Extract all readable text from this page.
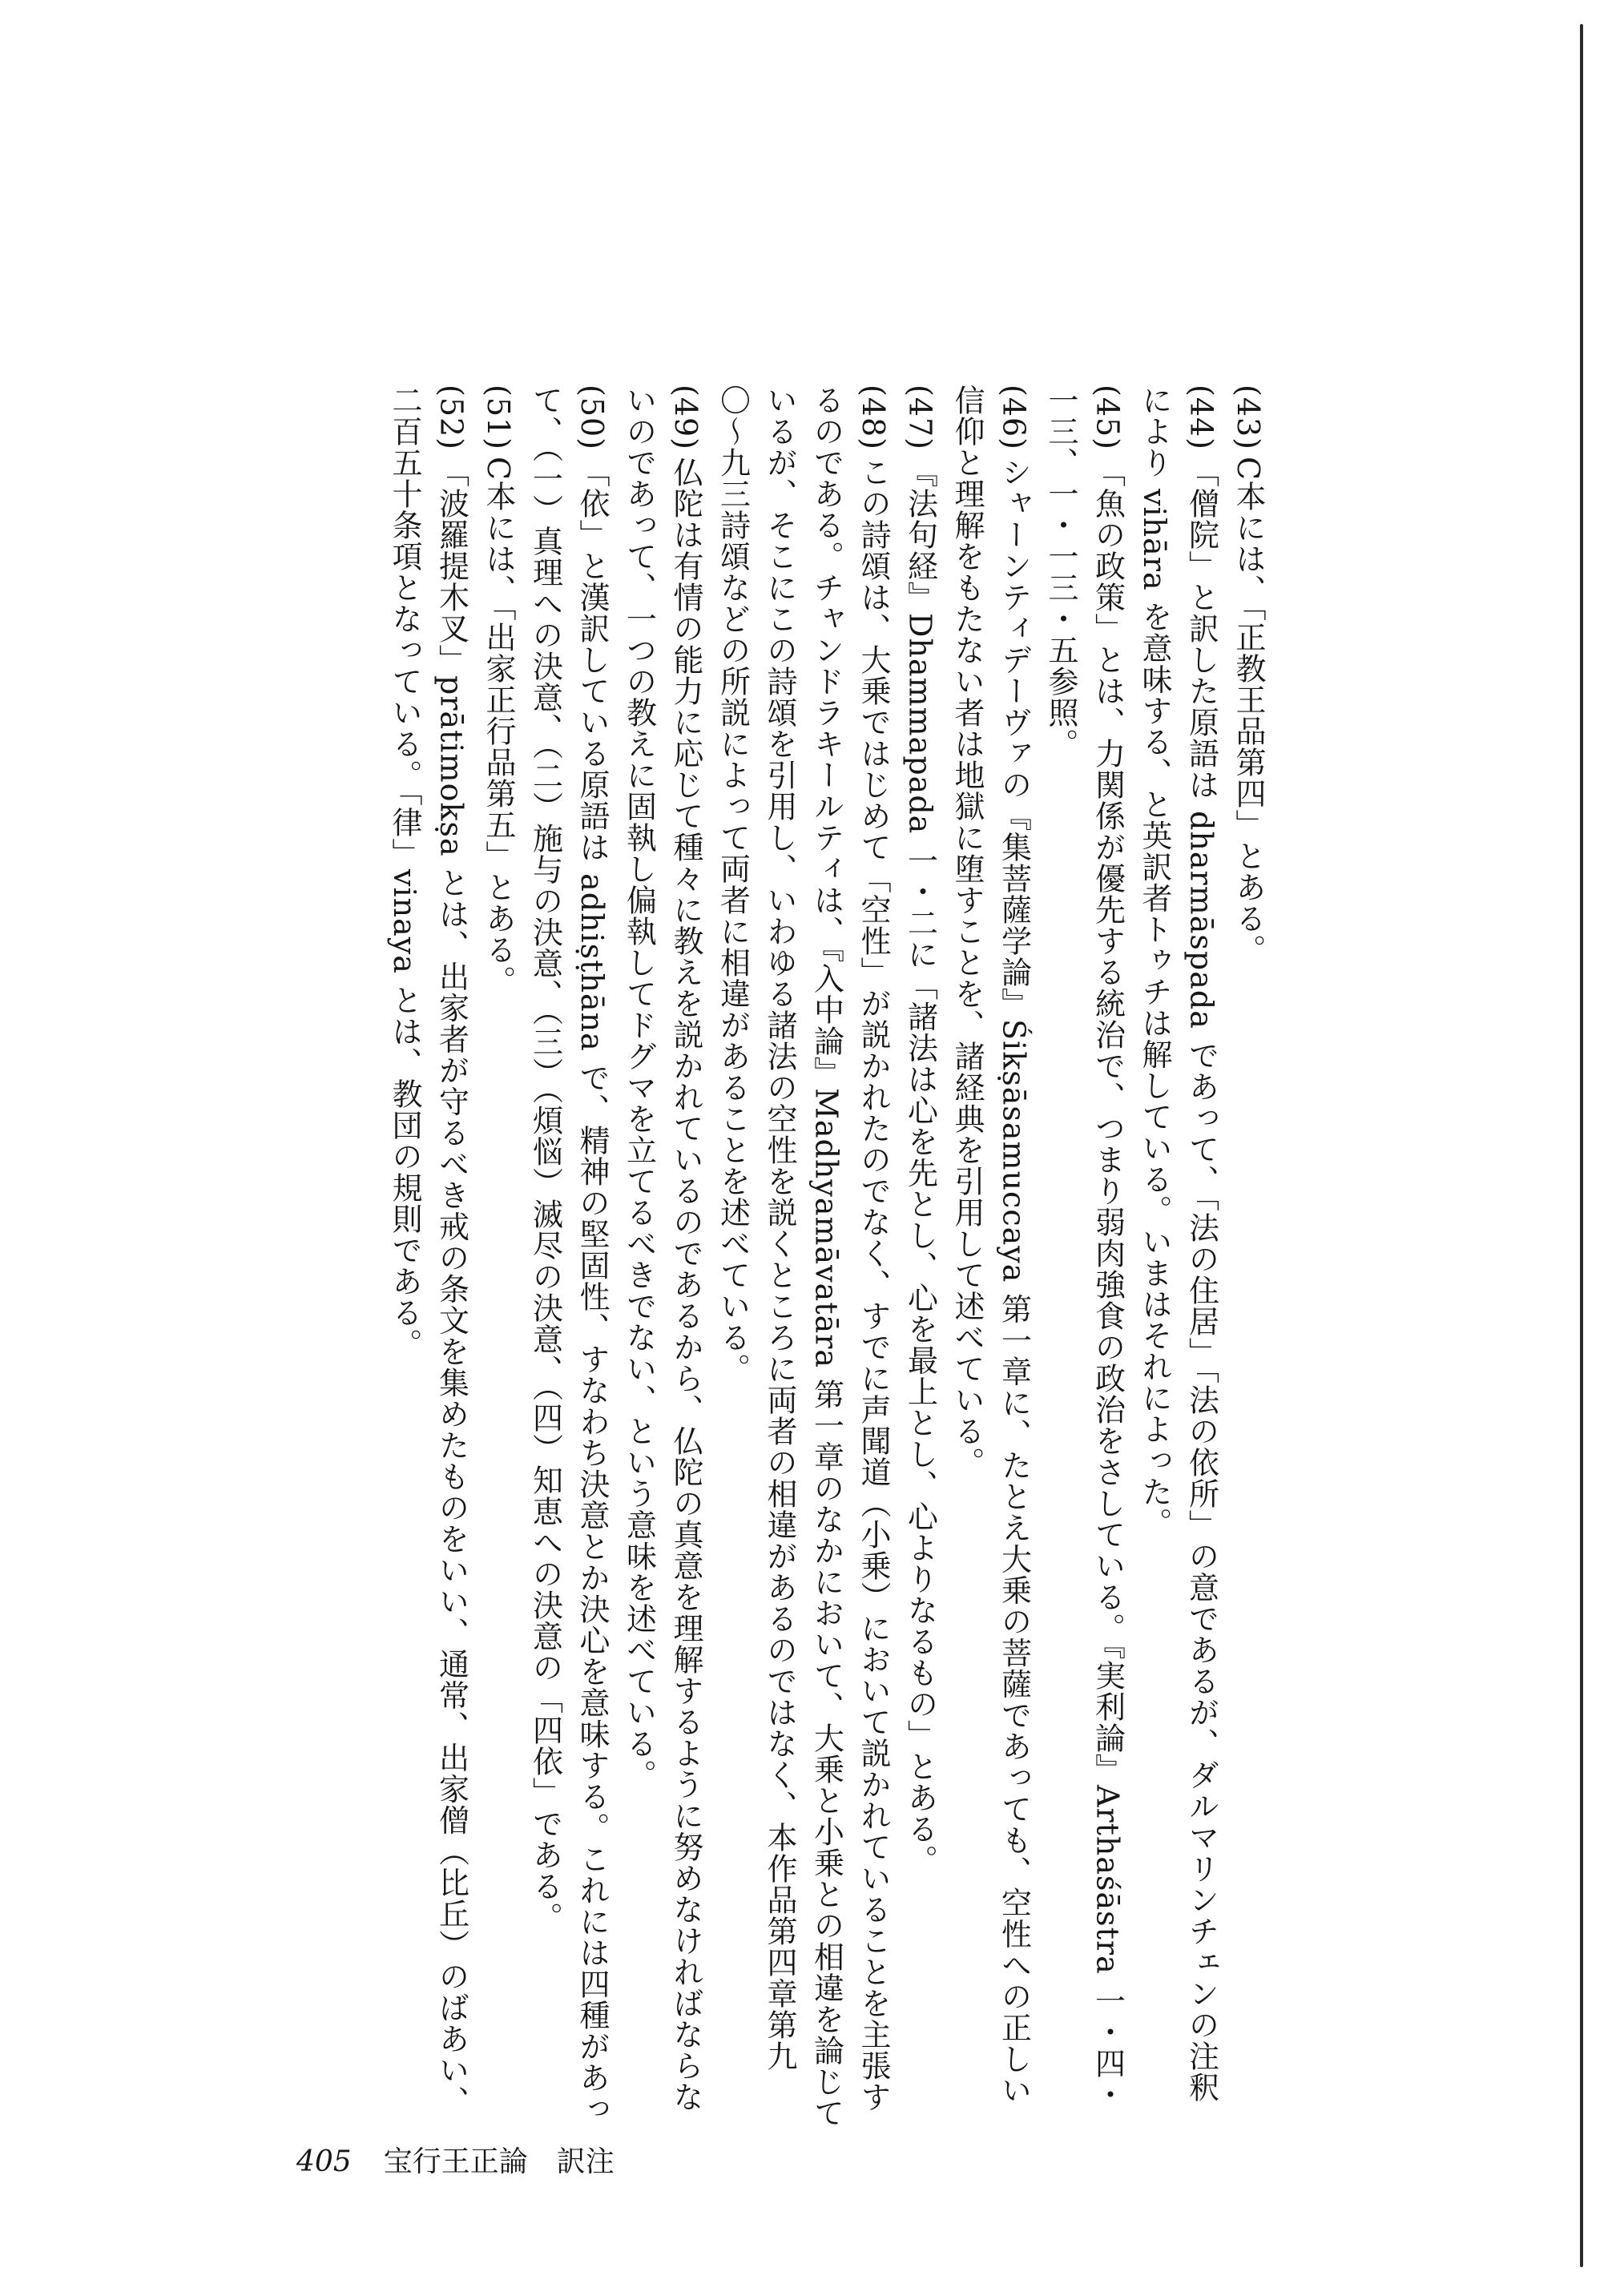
(43)C本には、「正教王品第四」とある。

(44)「僧院」と訳した原語は dharmāspada であって、「法の住居」「法の依所」の意であるが、ダルマリンチェンの注釈により vihāra を意味する、と英訳者トゥチは解している。いまはそれによった。

(45)「魚の政策」とは、力関係が優先する統治で、つまり弱肉強食の政治をさしている。『実利論』Arthaśāstra 一・四・一三、一・一三・五参照。

(46)シャーンティデーヴァの『集菩薩学論』Śikṣāsamuccaya 第一章に、たとえ大乗の菩薩であっても、空性への正しい信仰と理解をもたない者は地獄に堕すことを、諸経典を引用して述べている。

(47)『法句経』Dhammapada 一・二に「諸法は心を先とし、心を最上とし、心よりなるもの」とある。

(48)この詩頌は、大乗ではじめて「空性」が説かれたのでなく、すでに声聞道（小乗）において説かれていることを主張するのである。チャンドラキールティは、『入中論』Madhyamāvatāra 第一章のなかにおいて、大乗と小乗との相違を論じているが、そこにこの詩頌を引用し、いわゆる諸法の空性を説くところに両者の相違があるのではなく、本作品第四章第九〇〜九三詩頌などの所説によって両者に相違があることを述べている。

(49)仏陀は有情の能力に応じて種々に教えを説かれているのであるから、仏陀の真意を理解するように努めなければならないのであって、一つの教えに固執し偏執してドグマを立てるべきでない、という意味を述べている。

(50)「依」と漢訳している原語は adhiṣṭhāna で、精神の堅固性、すなわち決意とか決心を意味する。これには四種があって、（一）真理への決意、（二）施与の決意、（三）（煩悩）滅尽の決意、（四）知恵への決意の「四依」である。

(51)C本には、「出家正行品第五」とある。

(52)「波羅提木叉」prātimokṣa とは、出家者が守るべき戒の条文を集めたものをいい、通常、出家僧（比丘）のばあい、二百五十条項となっている。「律」vinaya とは、教団の規則である。

405 宝行王正論　訳注
